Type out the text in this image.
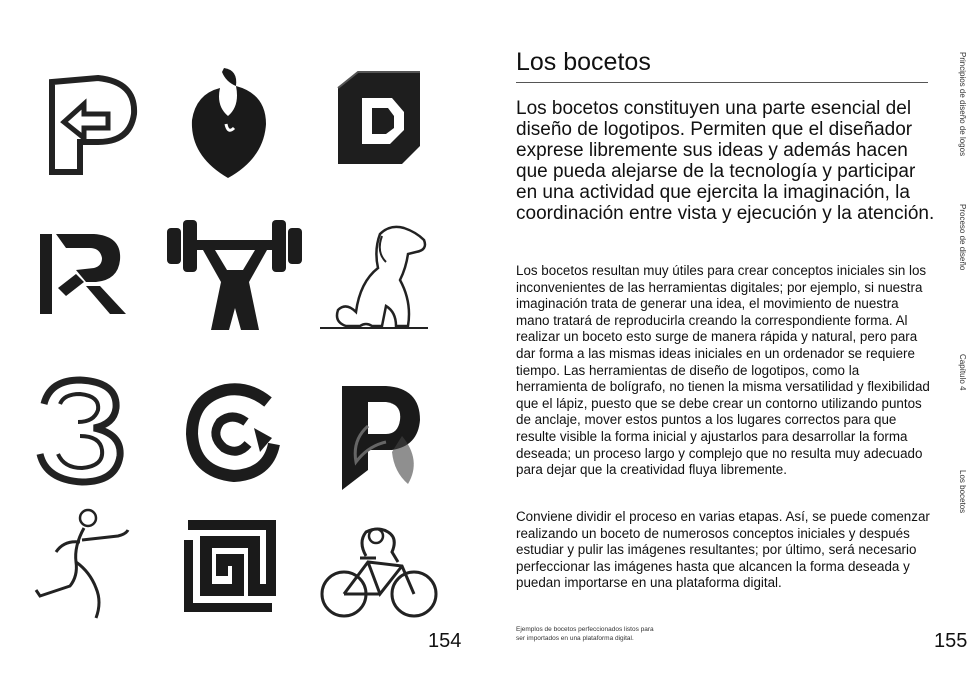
154
Los bocetos

Los bocetos constituyen una parte esencial del diseño de logotipos. Permiten que el diseñador exprese libremente sus ideas y además hacen que pueda alejarse de la tecnología y participar en una actividad que ejercita la imaginación, la coordinación entre vista y ejecución y la atención.

Los bocetos resultan muy útiles para crear conceptos iniciales sin los inconvenientes de las herramientas digitales; por ejemplo, si nuestra imaginación trata de generar una idea, el movimiento de nuestra mano tratará de reproducirla creando la correspondiente forma. Al realizar un boceto esto surge de manera rápida y natural, pero para dar forma a las mismas ideas iniciales en un ordenador se requiere tiempo. Las herramientas de diseño de logotipos, como la herramienta de bolígrafo, no tienen la misma versatilidad y flexibilidad que el lápiz, puesto que se debe crear un contorno utilizando puntos de anclaje, mover estos puntos a los lugares correctos para que resulte visible la forma inicial y ajustarlos para desarrollar la forma deseada; un proceso largo y complejo que no resulta muy adecuado para dejar que la creatividad fluya libremente.

Conviene dividir el proceso en varias etapas. Así, se puede comenzar realizando un boceto de numerosos conceptos iniciales y después estudiar y pulir las imágenes resultantes; por último, será necesario perfeccionar las imágenes hasta que alcancen la forma deseada y puedan importarse en una plataforma digital.

Ejemplos de bocetos perfeccionados listos para ser importados en una plataforma digital.	155
Principios de diseño de logos
Proceso de diseño
Capítulo 4
Los bocetos
